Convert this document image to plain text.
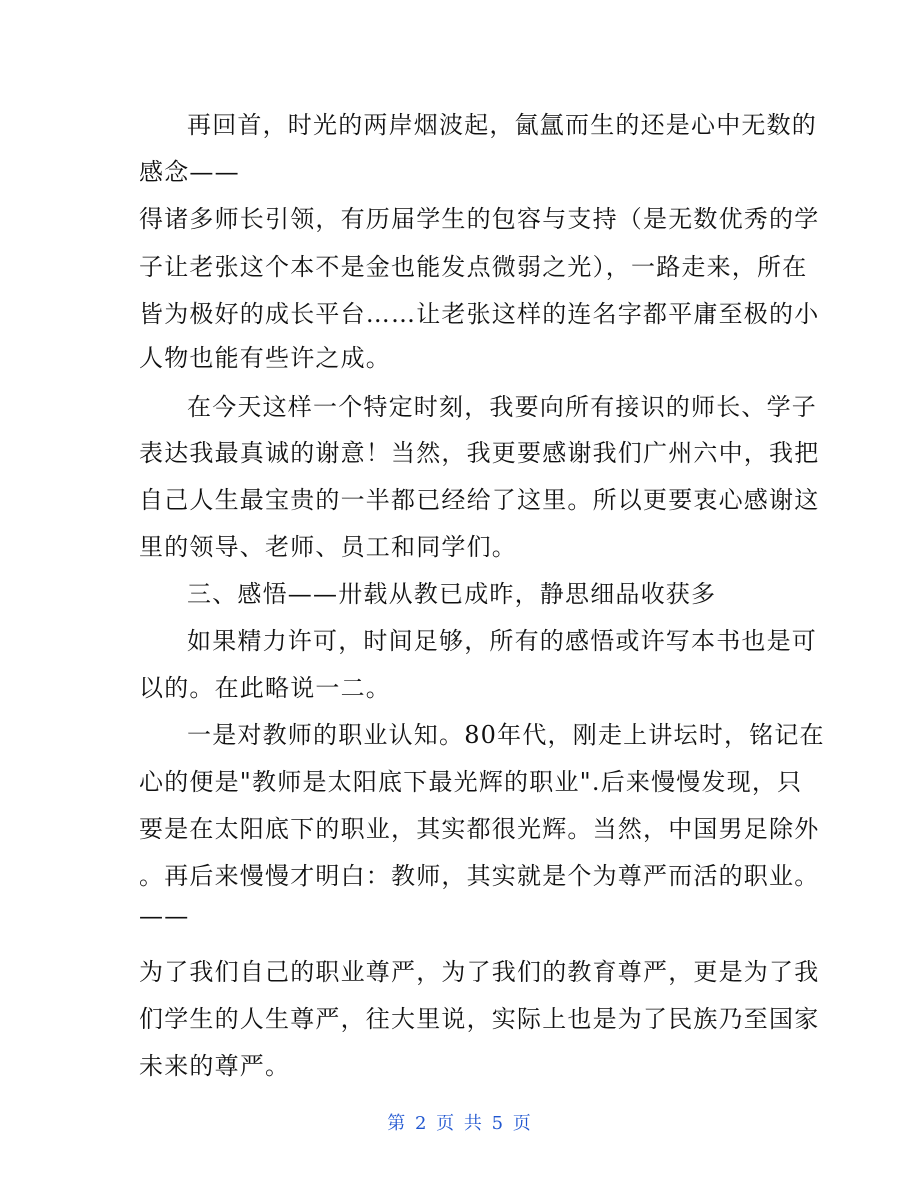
再回首，时光的两岸烟波起，氤氲而生的还是心中无数的
感念——
得诸多师长引领，有历届学生的包容与支持（是无数优秀的学
子让老张这个本不是金也能发点微弱之光），一路走来，所在
皆为极好的成长平台……让老张这样的连名字都平庸至极的小
人物也能有些许之成。
在今天这样一个特定时刻，我要向所有接识的师长、学子
表达我最真诚的谢意！当然，我更要感谢我们广州六中，我把
自己人生最宝贵的一半都已经给了这里。所以更要衷心感谢这
里的领导、老师、员工和同学们。
三、感悟——卅载从教已成昨，静思细品收获多
如果精力许可，时间足够，所有的感悟或许写本书也是可
以的。在此略说一二。
一是对教师的职业认知。80年代，刚走上讲坛时，铭记在
心的便是"教师是太阳底下最光辉的职业".后来慢慢发现，只
要是在太阳底下的职业，其实都很光辉。当然，中国男足除外
。再后来慢慢才明白：教师，其实就是个为尊严而活的职业。
——
为了我们自己的职业尊严，为了我们的教育尊严，更是为了我
们学生的人生尊严，往大里说，实际上也是为了民族乃至国家
未来的尊严。
第 2 页 共 5 页
